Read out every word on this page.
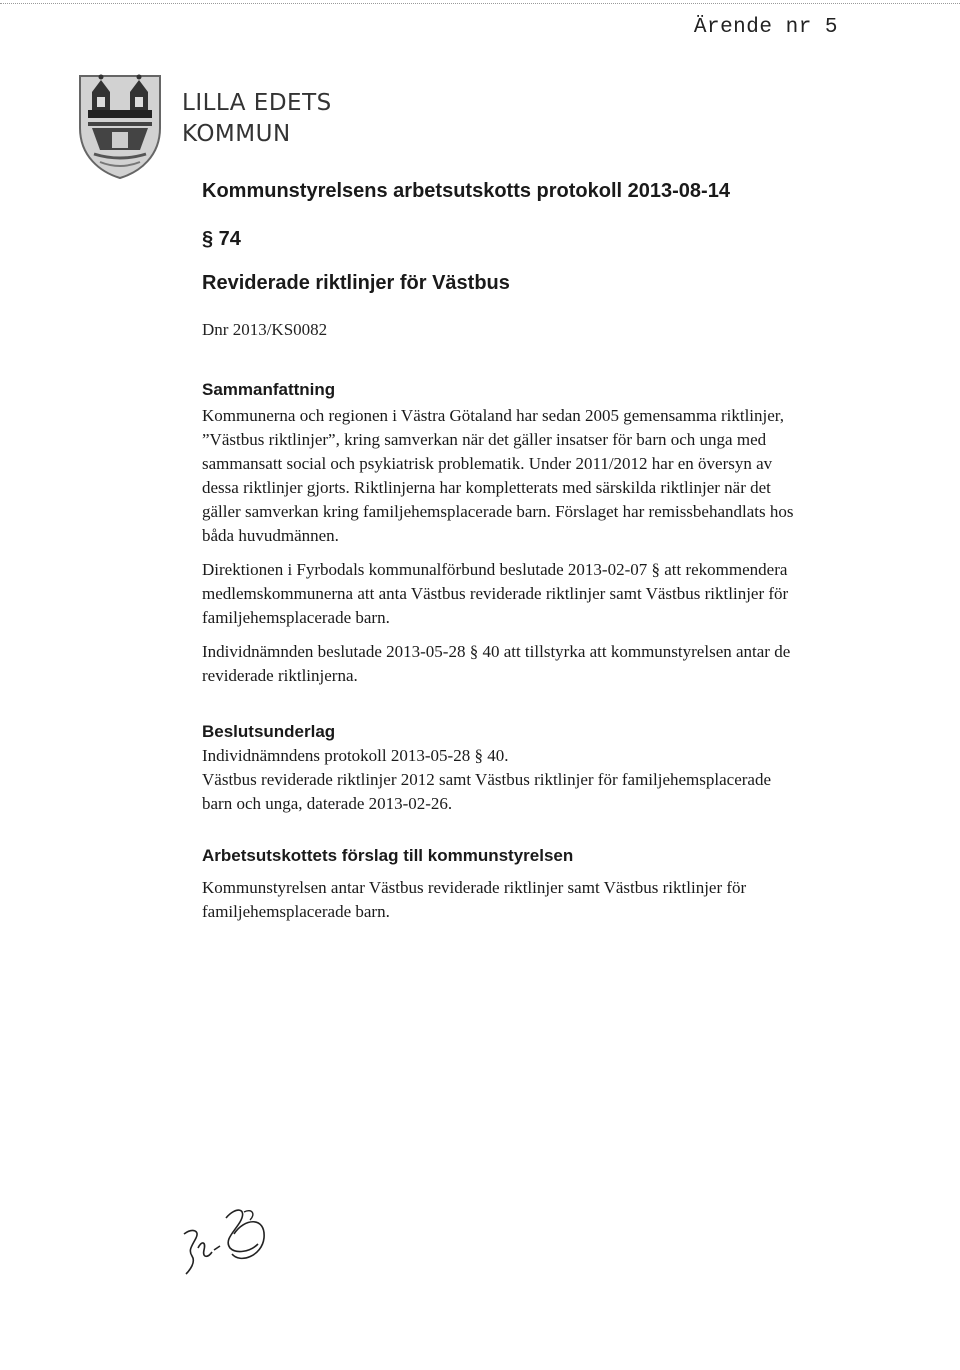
Ärende nr 5
LILLA EDETS
KOMMUN
Kommunstyrelsens arbetsutskotts protokoll 2013-08-14
§ 74
Reviderade riktlinjer för Västbus
Dnr 2013/KS0082
Sammanfattning

Kommunerna och regionen i Västra Götaland har sedan 2005 gemensamma riktlinjer,
”Västbus riktlinjer”, kring samverkan när det gäller insatser för barn och unga med
sammansatt social och psykiatrisk problematik. Under 2011/2012 har en översyn av
dessa riktlinjer gjorts. Riktlinjerna har kompletterats med särskilda riktlinjer när det
gäller samverkan kring familjehemsplacerade barn. Förslaget har remissbehandlats hos
båda huvudmännen.

Direktionen i Fyrbodals kommunalförbund beslutade 2013-02-07 § att rekommendera
medlemskommunerna att anta Västbus reviderade riktlinjer samt Västbus riktlinjer för
familjehemsplacerade barn.

Individnämnden beslutade 2013-05-28 § 40 att tillstyrka att kommunstyrelsen antar de
reviderade riktlinjerna.

Beslutsunderlag
Individnämndens protokoll 2013-05-28 § 40.
Västbus reviderade riktlinjer 2012 samt Västbus riktlinjer för familjehemsplacerade
barn och unga, daterade 2013-02-26.
Arbetsutskottets förslag till kommunstyrelsen
Kommunstyrelsen antar Västbus reviderade riktlinjer samt Västbus riktlinjer för
familjehemsplacerade barn.
